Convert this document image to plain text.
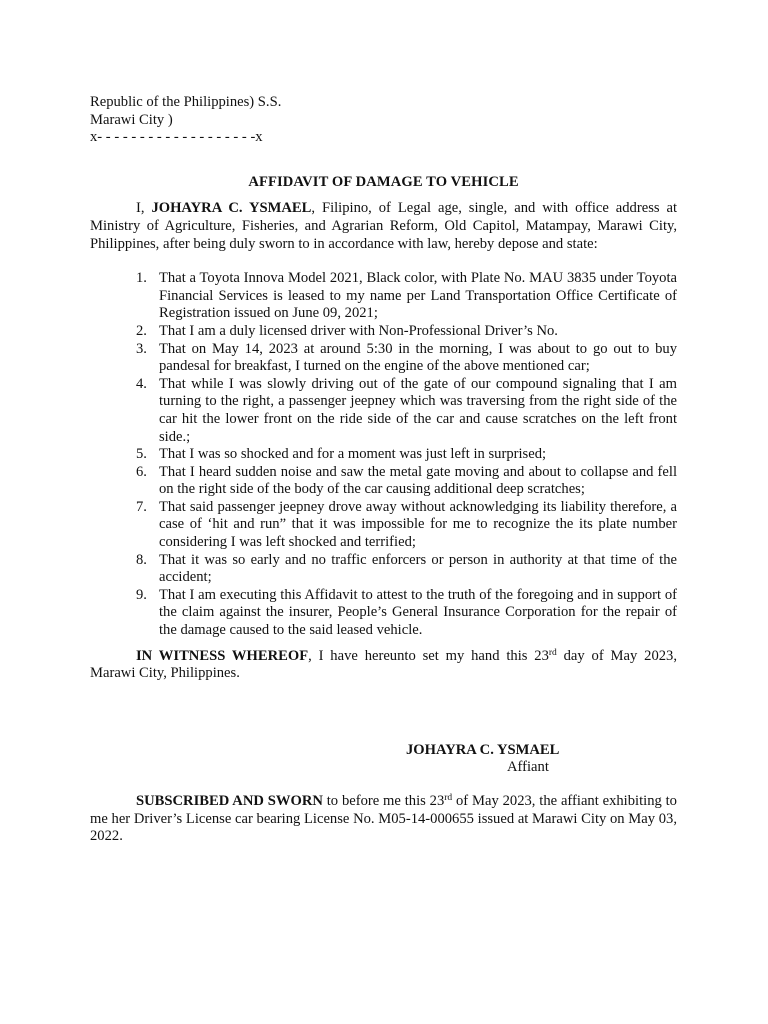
Republic of the Philippines) S.S.
Marawi City )
x- - - - - - - - - - - - - - - - - - -x
AFFIDAVIT OF DAMAGE TO VEHICLE

I, JOHAYRA C. YSMAEL, Filipino, of Legal age, single, and with office address at Ministry of Agriculture, Fisheries, and Agrarian Reform, Old Capitol, Matampay, Marawi City, Philippines, after being duly sworn to in accordance with law, hereby depose and state:

1. That a Toyota Innova Model 2021, Black color, with Plate No. MAU 3835 under Toyota Financial Services is leased to my name per Land Transportation Office Certificate of Registration issued on June 09, 2021;
2. That I am a duly licensed driver with Non-Professional Driver’s No.
3. That on May 14, 2023 at around 5:30 in the morning, I was about to go out to buy pandesal for breakfast, I turned on the engine of the above mentioned car;
4. That while I was slowly driving out of the gate of our compound signaling that I am turning to the right, a passenger jeepney which was traversing from the right side of the car hit the lower front on the ride side of the car and cause scratches on the left front side.;
5. That I was so shocked and for a moment was just left in surprised;
6. That I heard sudden noise and saw the metal gate moving and about to collapse and fell on the right side of the body of the car causing additional deep scratches;
7. That said passenger jeepney drove away without acknowledging its liability therefore, a case of ‘hit and run” that it was impossible for me to recognize the its plate number considering I was left shocked and terrified;
8. That it was so early and no traffic enforcers or person in authority at that time of the accident;
9. That I am executing this Affidavit to attest to the truth of the foregoing and in support of the claim against the insurer, People’s General Insurance Corporation for the repair of the damage caused to the said leased vehicle.

IN WITNESS WHEREOF, I have hereunto set my hand this 23rd day of May 2023, Marawi City, Philippines.

JOHAYRA C. YSMAEL
Affiant

SUBSCRIBED AND SWORN to before me this 23rd of May 2023, the affiant exhibiting to me her Driver’s License car bearing License No. M05-14-000655 issued at Marawi City on May 03, 2022.
